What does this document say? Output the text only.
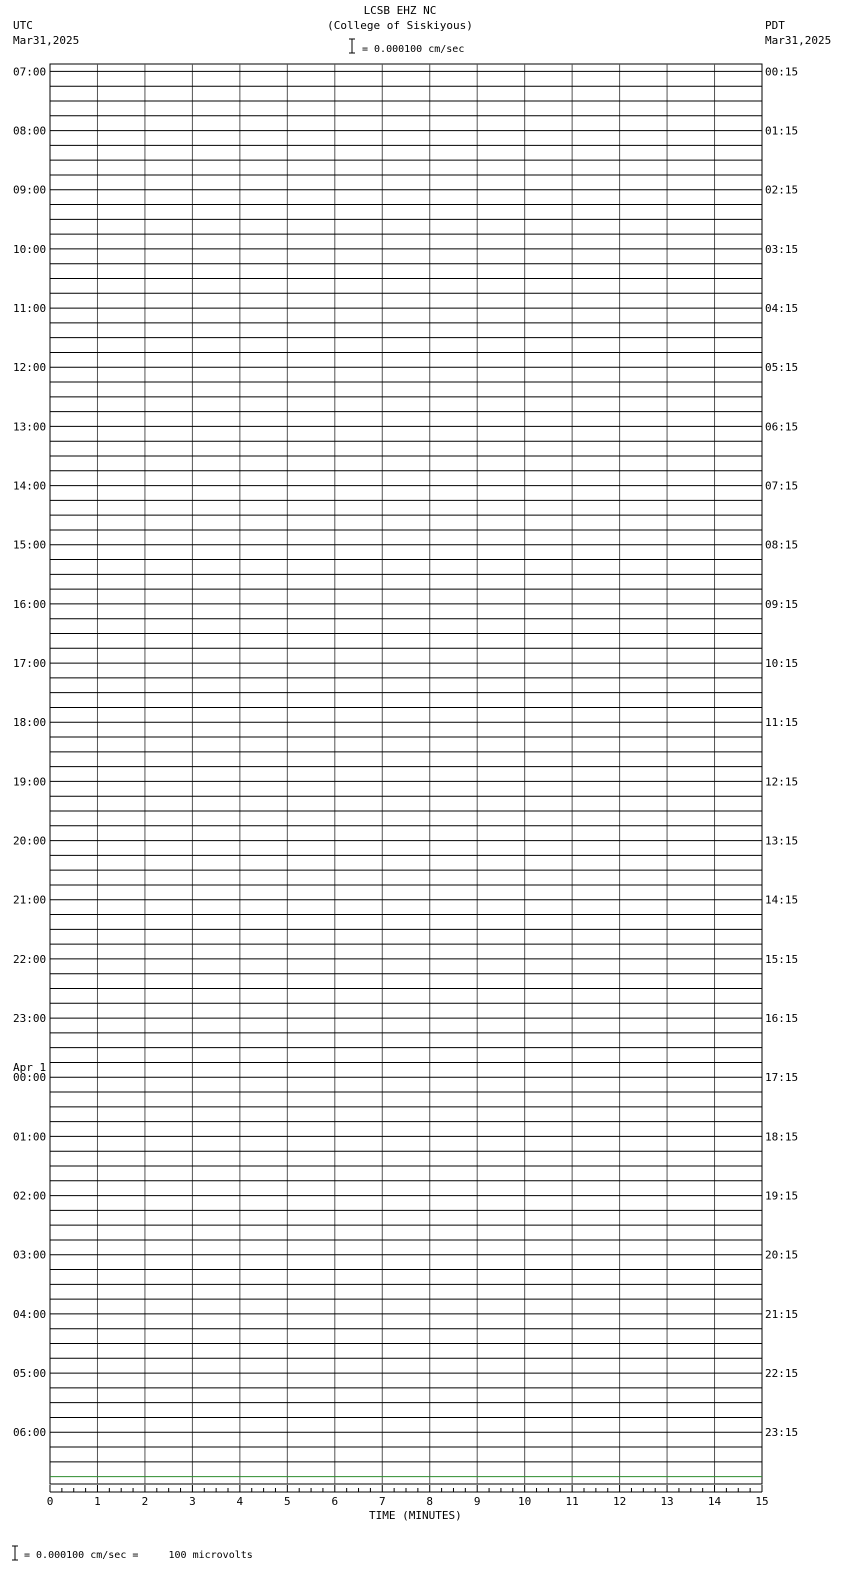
LCSB EHZ NC
(College of Siskiyous)
UTC
Mar31,2025
PDT
Mar31,2025
= 0.000100 cm/sec
07:00
08:00
09:00
10:00
11:00
12:00
13:00
14:00
15:00
16:00
17:00
18:00
19:00
20:00
21:00
22:00
23:00
00:00
01:00
02:00
03:00
04:00
05:00
06:00
00:15
01:15
02:15
03:15
04:15
05:15
06:15
07:15
08:15
09:15
10:15
11:15
12:15
13:15
14:15
15:15
16:15
17:15
18:15
19:15
20:15
21:15
22:15
23:15
0	1	2	3	4	5	6	7	8	9	10	11	12	13	14	15
Apr 1
TIME (MINUTES)
= 0.000100 cm/sec =     100 microvolts
